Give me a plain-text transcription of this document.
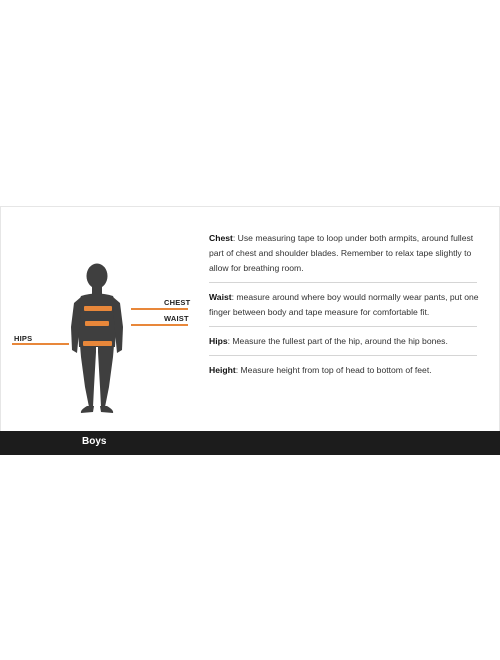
CHEST
WAIST
HIPS

Chest: Use measuring tape to loop under both armpits, around fullest part of chest and shoulder blades. Remember to relax tape slightly to allow for breathing room.

Waist: measure around where boy would normally wear pants, put one finger between body and tape measure for comfortable fit.

Hips: Measure the fullest part of the hip, around the hip bones.

Height: Measure height from top of head to bottom of feet.

Boys
